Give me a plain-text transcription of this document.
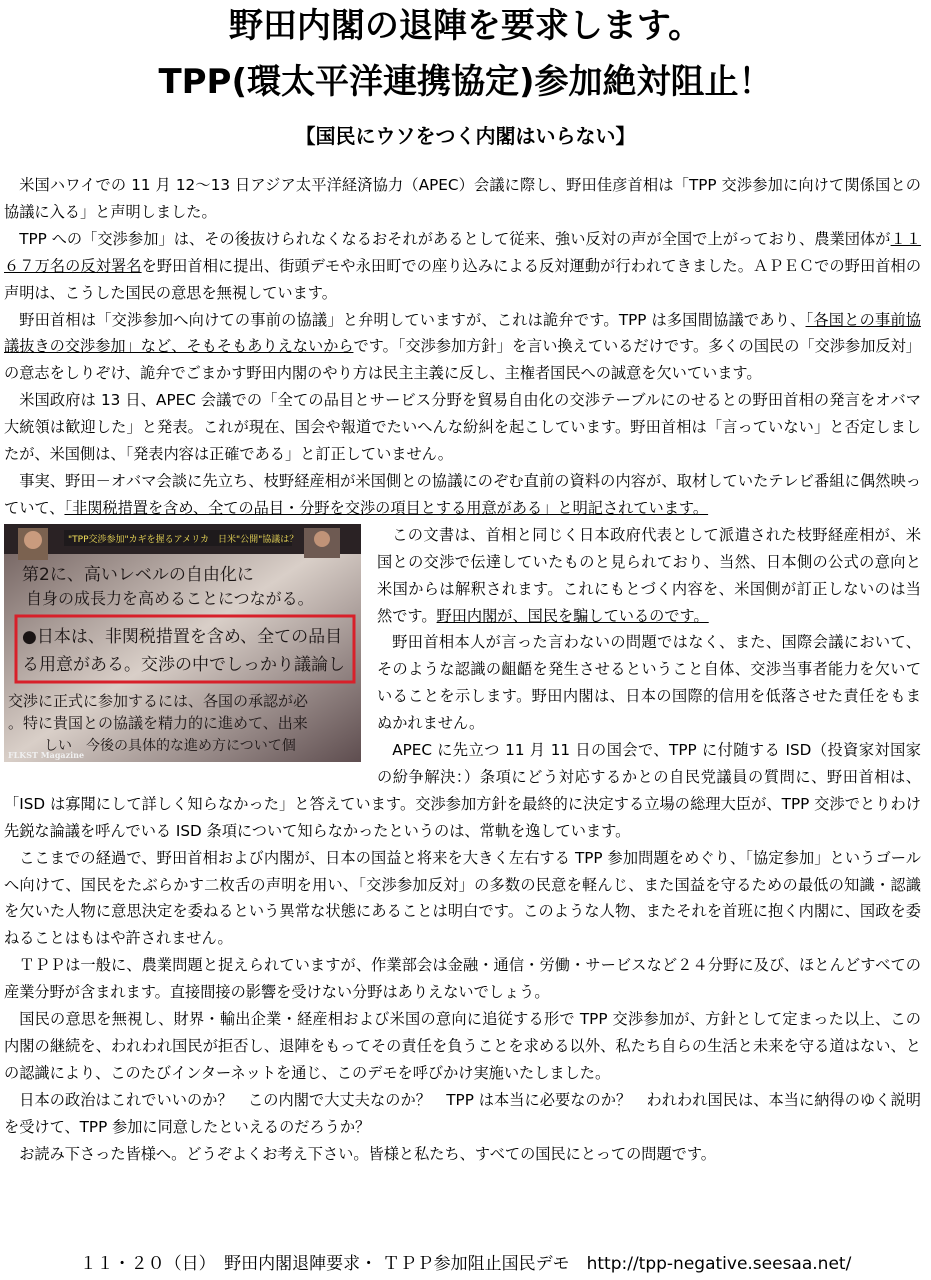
野田内閣の退陣を要求します。
TPP(環太平洋連携協定)参加絶対阻止！
【国民にウソをつく内閣はいらない】

米国ハワイでの 11 月 12～13 日アジア太平洋経済協力（APEC）会議に際し、野田佳彦首相は「TPP 交渉参加に向けて関係国との協議に入る」と声明しました。

TPP への「交渉参加」は、その後抜けられなくなるおそれがあるとして従来、強い反対の声が全国で上がっており、農業団体が１１６７万名の反対署名を野田首相に提出、街頭デモや永田町での座り込みによる反対運動が行われてきました。ＡＰＥＣでの野田首相の声明は、こうした国民の意思を無視しています。

野田首相は「交渉参加へ向けての事前の協議」と弁明していますが、これは詭弁です。TPP は多国間協議であり、「各国との事前協議抜きの交渉参加」など、そもそもありえないからです。「交渉参加方針」を言い換えているだけです。多くの国民の「交渉参加反対」の意志をしりぞけ、詭弁でごまかす野田内閣のやり方は民主主義に反し、主権者国民への誠意を欠いています。

米国政府は 13 日、APEC 会議での「全ての品目とサービス分野を貿易自由化の交渉テーブルにのせるとの野田首相の発言をオバマ大統領は歓迎した」と発表。これが現在、国会や報道でたいへんな紛糾を起こしています。野田首相は「言っていない」と否定しましたが、米国側は、「発表内容は正確である」と訂正していません。

事実、野田－オバマ会談に先立ち、枝野経産相が米国側との協議にのぞむ直前の資料の内容が、取材していたテレビ番組に偶然映っていて、「非関税措置を含め、全ての品目・分野を交渉の項目とする用意がある」と明記されています。

"TPP交渉参加"カギを握るアメリカ　日米"公開"協議は？
第2に、高いレベルの自由化に
自身の成長力を高めることにつながる。
●日本は、非関税措置を含め、全ての品目
る用意がある。交渉の中でしっかり議論し
交渉に正式に参加するには、各国の承認が必
。特に貴国との協議を精力的に進めて、出来
しい　今後の具体的な進め方について個
FLKST Magazine

この文書は、首相と同じく日本政府代表として派遣された枝野経産相が、米国との交渉で伝達していたものと見られており、当然、日本側の公式の意向と米国からは解釈されます。これにもとづく内容を、米国側が訂正しないのは当然です。野田内閣が、国民を騙しているのです。

野田首相本人が言った言わないの問題ではなく、また、国際会議において、そのような認識の齟齬を発生させるということ自体、交渉当事者能力を欠いていることを示します。野田内閣は、日本の国際的信用を低落させた責任をもまぬかれません。

APEC に先立つ 11 月 11 日の国会で、TPP に付随する ISD（投資家対国家の紛争解決：）条項にどう対応するかとの自民党議員の質問に、野田首相は、「ISD は寡聞にして詳しく知らなかった」と答えています。交渉参加方針を最終的に決定する立場の総理大臣が、TPP 交渉でとりわけ先鋭な論議を呼んでいる ISD 条項について知らなかったというのは、常軌を逸しています。

ここまでの経過で、野田首相および内閣が、日本の国益と将来を大きく左右する TPP 参加問題をめぐり、「協定参加」というゴールへ向けて、国民をたぶらかす二枚舌の声明を用い、「交渉参加反対」の多数の民意を軽んじ、また国益を守るための最低の知識・認識を欠いた人物に意思決定を委ねるという異常な状態にあることは明白です。このような人物、またそれを首班に抱く内閣に、国政を委ねることはもはや許されません。

ＴＰＰは一般に、農業問題と捉えられていますが、作業部会は金融・通信・労働・サービスなど２４分野に及び、ほとんどすべての産業分野が含まれます。直接間接の影響を受けない分野はありえないでしょう。

国民の意思を無視し、財界・輸出企業・経産相および米国の意向に追従する形で TPP 交渉参加が、方針として定まった以上、この内閣の継続を、われわれ国民が拒否し、退陣をもってその責任を負うことを求める以外、私たち自らの生活と未来を守る道はない、との認識により、このたびインターネットを通じ、このデモを呼びかけ実施いたしました。

日本の政治はこれでいいのか？　この内閣で大丈夫なのか？　TPP は本当に必要なのか？　われわれ国民は、本当に納得のゆく説明を受けて、TPP 参加に同意したといえるのだろうか？

お読み下さった皆様へ。どうぞよくお考え下さい。皆様と私たち、すべての国民にとっての問題です。

１１・２０（日）　野田内閣退陣要求・ ＴＰＰ参加阻止国民デモ　http://tpp-negative.seesaa.net/
